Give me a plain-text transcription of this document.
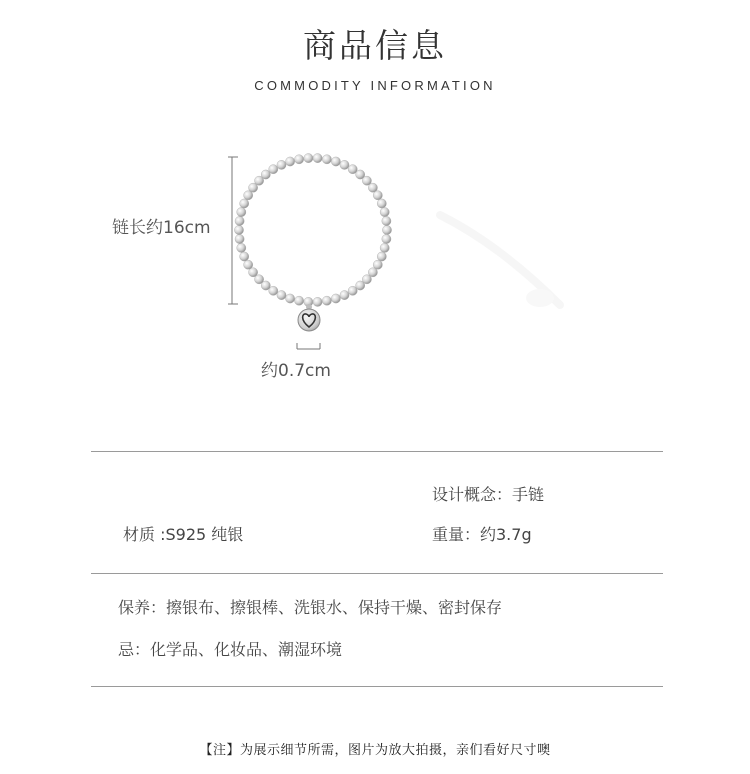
商品信息
COMMODITY INFORMATION
链长约16cm
约0.7cm
设计概念：手链
材质 :S925 纯银	重量：约3.7g
保养：擦银布、擦银棒、洗银水、保持干燥、密封保存
忌：化学品、化妆品、潮湿环境
【注】为展示细节所需，图片为放大拍摄，亲们看好尺寸噢
